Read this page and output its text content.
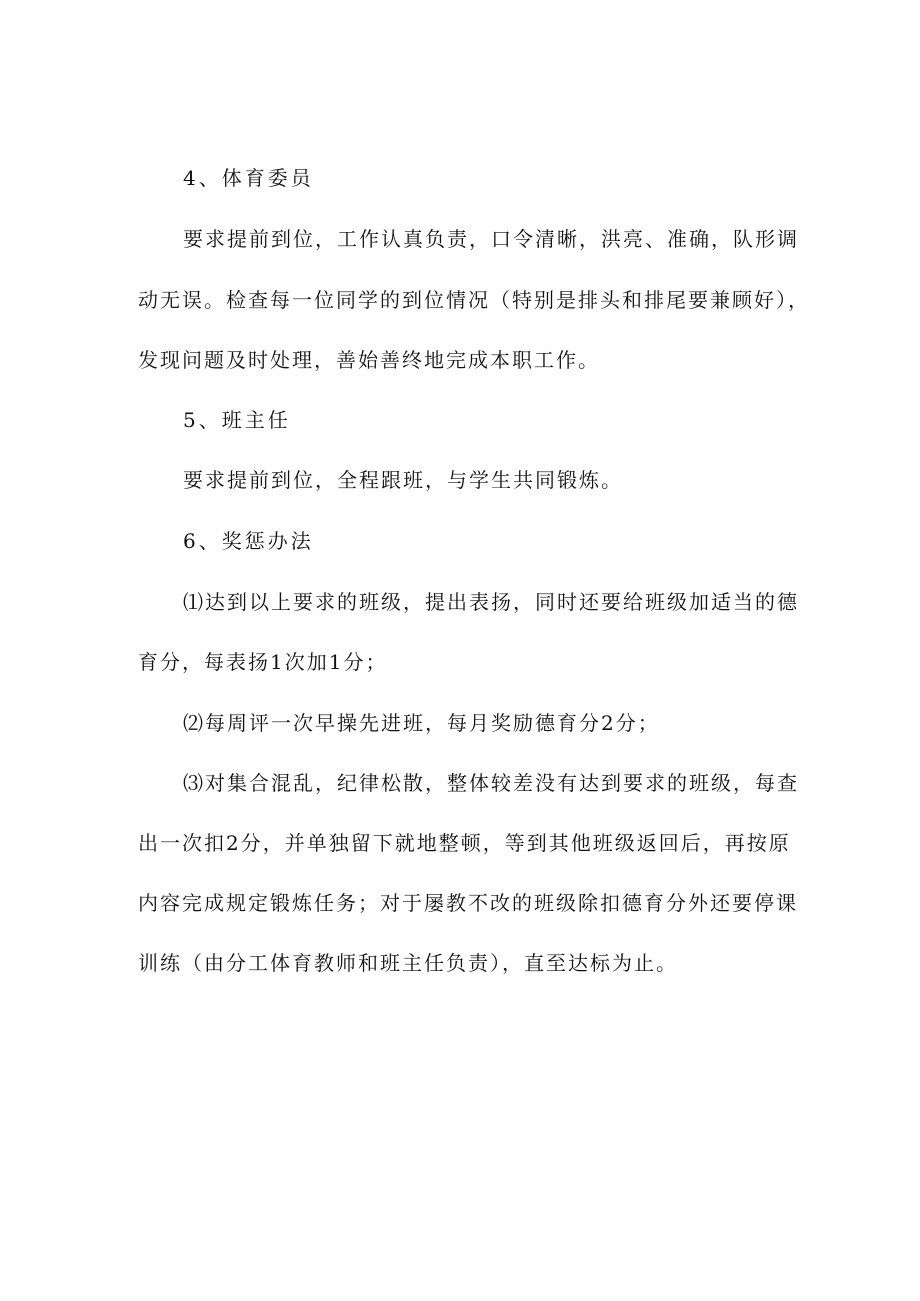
4、体育委员
要求提前到位，工作认真负责，口令清晰，洪亮、准确，队形调
动无误。检查每一位同学的到位情况（特别是排头和排尾要兼顾好），
发现问题及时处理，善始善终地完成本职工作。
5、班主任
要求提前到位，全程跟班，与学生共同锻炼。
6、奖惩办法
⑴达到以上要求的班级，提出表扬，同时还要给班级加适当的德
育分，每表扬1次加1分；
⑵每周评一次早操先进班，每月奖励德育分2分；
⑶对集合混乱，纪律松散，整体较差没有达到要求的班级，每查
出一次扣2分，并单独留下就地整顿，等到其他班级返回后，再按原
内容完成规定锻炼任务；对于屡教不改的班级除扣德育分外还要停课
训练（由分工体育教师和班主任负责），直至达标为止。
